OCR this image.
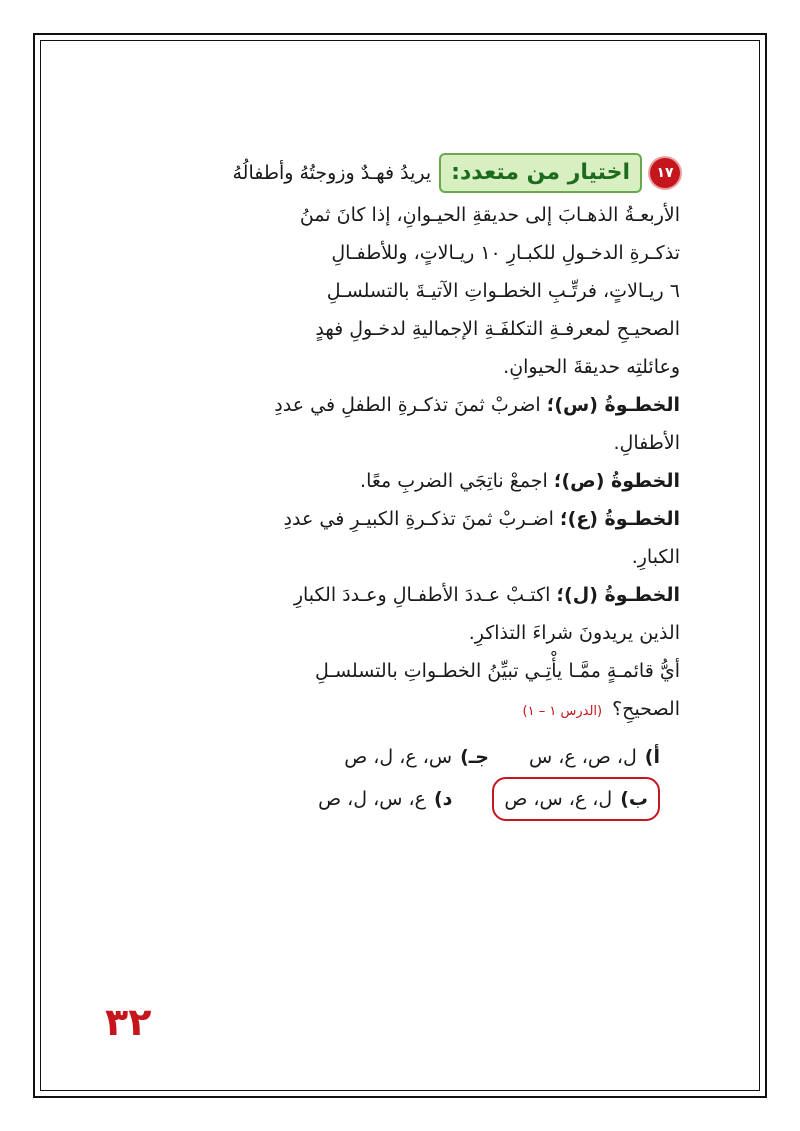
١٧
اختيار من متعدد:
يريدُ فهـدٌ وزوجتُهُ وأطفالُهُ
الأربعـةُ الذهـابَ إلى حديقةِ الحيـوانِ، إذا كانَ ثمنُ
تذكـرةِ الدخـولِ للكبـارِ ١٠ ريـالاتٍ، وللأطفـالِ
٦ ريـالاتٍ، فرتِّـبِ الخطـواتِ الآتيـةَ بالتسلسـلِ
الصحيـحِ لمعرفـةِ التكلفَـةِ الإجماليةِ لدخـولِ فهدٍ
وعائلتِه حديقةَ الحيوانِ.
الخطـوةُ (س)؛ اضربْ ثمنَ تذكـرةِ الطفلِ في عددِ
الأطفالِ.
الخطوةُ (ص)؛ اجمعْ ناتِجَي الضربِ معًا.
الخطـوةُ (ع)؛ اضـربْ ثمنَ تذكـرةِ الكبيـرِ في عددِ
الكبارِ.
الخطـوةُ (ل)؛ اكتـبْ عـددَ الأطفـالِ وعـددَ الكبارِ
الذين يريدونَ شراءَ التذاكرِ.
أيُّ قائمـةٍ ممَّـا يأْتِـي تبيِّنُ الخطـواتِ بالتسلسـلِ
الصحيحِ؟(الدرس ١ – ١)
أ)
ل، ص، ع، س
جـ)
س، ع، ل، ص
ب)
ل، ع، س، ص
د)
ع، س، ل، ص
٣٢
